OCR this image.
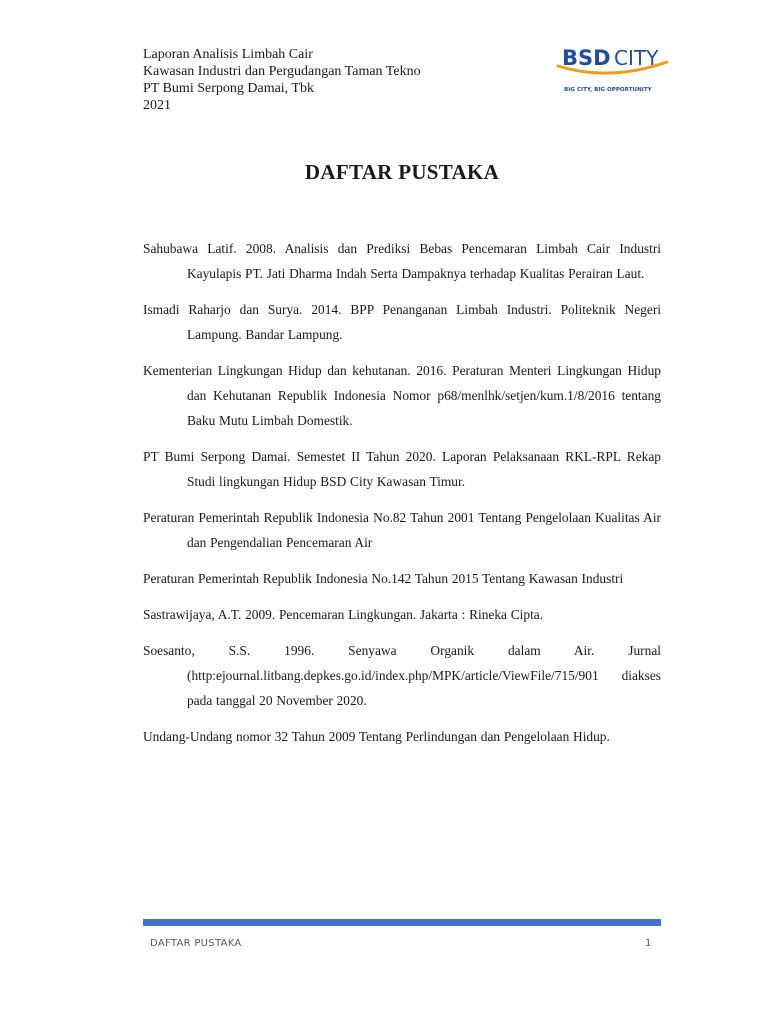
Laporan Analisis Limbah Cair
Kawasan Industri dan Pergudangan Taman Tekno
PT Bumi Serpong Damai, Tbk
2021
BSD CITY
BIG CITY, BIG OPPORTUNITY
DAFTAR PUSTAKA

Sahubawa Latif. 2008. Analisis dan Prediksi Bebas Pencemaran Limbah Cair Industri Kayulapis PT. Jati Dharma Indah Serta Dampaknya terhadap Kualitas Perairan Laut.

Ismadi Raharjo dan Surya. 2014. BPP Penanganan Limbah Industri. Politeknik Negeri Lampung. Bandar Lampung.

Kementerian Lingkungan Hidup dan kehutanan. 2016. Peraturan Menteri Lingkungan Hidup dan Kehutanan Republik Indonesia Nomor p68/menlhk/setjen/kum.1/8/2016 tentang Baku Mutu Limbah Domestik.

PT Bumi Serpong Damai. Semestet II Tahun 2020. Laporan Pelaksanaan RKL-RPL Rekap Studi lingkungan Hidup BSD City Kawasan Timur.

Peraturan Pemerintah Republik Indonesia No.82 Tahun 2001 Tentang Pengelolaan Kualitas Air dan Pengendalian Pencemaran Air

Peraturan Pemerintah Republik Indonesia No.142 Tahun 2015 Tentang Kawasan Industri

Sastrawijaya, A.T. 2009. Pencemaran Lingkungan. Jakarta : Rineka Cipta.

Soesanto, S.S. 1996. Senyawa Organik dalam Air. Jurnal (http:ejournal.litbang.depkes.go.id/index.php/MPK/article/ViewFile/715/901 diakses pada tanggal 20 November 2020.

Undang-Undang nomor 32 Tahun 2009 Tentang Perlindungan dan Pengelolaan Hidup.

DAFTAR PUSTAKA	1
